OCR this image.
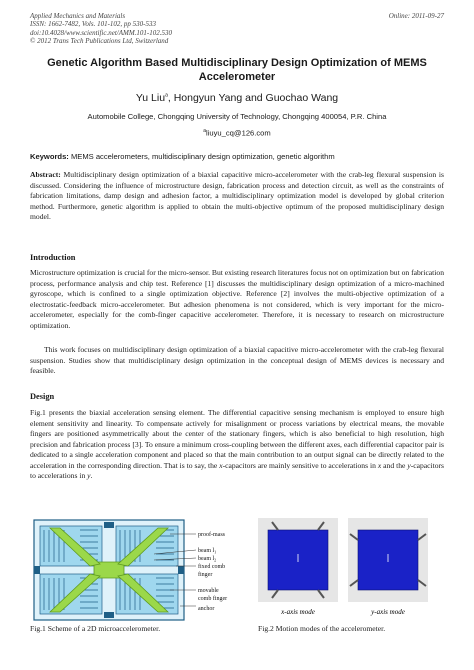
Applied Mechanics and Materials
ISSN: 1662-7482, Vols. 101-102, pp 530-533
doi:10.4028/www.scientific.net/AMM.101-102.530
© 2012 Trans Tech Publications Ltd, Switzerland
Online: 2011-09-27
Genetic Algorithm Based Multidisciplinary Design Optimization of MEMS
Accelerometer
Yu Liu$^a$, Hongyun Yang and Guochao Wang
Automobile College, Chongqing University of Technology, Chongqing 400054, P.R. China
$^a$liuyu_cq@126.com
Keywords: MEMS accelerometers, multidisciplinary design optimization, genetic algorithm
Abstract: Multidisciplinary design optimization of a biaxial capacitive micro-accelerometer with the crab-leg flexural suspension is discussed. Considering the influence of microstructure design, fabrication process and detection circuit, as well as the constraints of fabrication limitations, damp design and adhesion factor, a multidisciplinary optimization model is developed by global criterion method. Furthermore, genetic algorithm is applied to obtain the multi-objective optimum of the proposed multidisciplinary design model.
Introduction
Microstructure optimization is crucial for the micro-sensor. But existing research literatures focus not on optimization but on fabrication process, performance analysis and chip test. Reference [1] discusses the multidisciplinary design optimization of a micro-machined gyroscope, which is confined to a single optimization objective. Reference [2] involves the multi-objective optimization of a electrostatic-feedback micro-accelerometer. But adhesion phenomena is not considered, which is very important for the micro-accelerometer, especially for the comb-finger capacitive accelerometer. Therefore, it is necessary to research on microstructure optimization.
This work focuses on multidisciplinary design optimization of a biaxial capacitive micro-accelerometer with the crab-leg flexural suspension. Studies show that multidisciplinary design optimization in the conceptual design of MEMS devices is necessary and feasible.
Design
Fig.1 presents the biaxial acceleration sensing element. The differential capacitive sensing mechanism is employed to ensure high element sensitivity and linearity. To compensate actively for misalignment or process variations by electrical means, the movable fingers are positioned asymmetrically about the center of the stationary fingers, which is also beneficial to high resolution, high precision and fabrication process [3]. To ensure a minimum cross-coupling between the different axes, each differential capacitor pair is dedicated to a single acceleration component and placed so that the main contribution to an output signal can be directly related to the acceleration in the corresponding direction. That is to say, the x-capacitors are mainly sensitive to accelerations in x and the y-capacitors to accelerations in y.
proof-mass
beam $l_1$
beam $l_2$
fixed comb
finger
movable
comb finger
anchor	x-axis mode	y-axis mode
Fig.1 Scheme of a 2D microaccelerometer.	Fig.2 Motion modes of the accelerometer.
